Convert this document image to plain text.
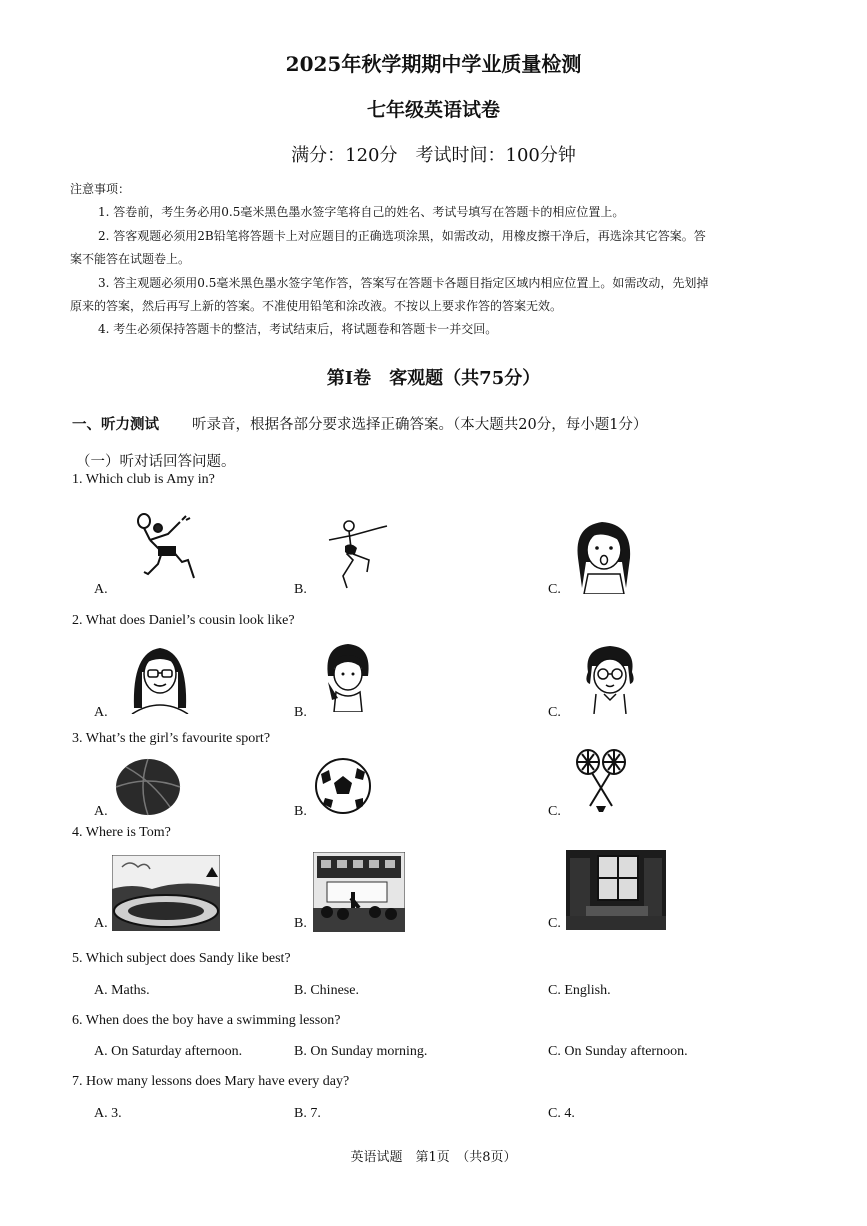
2025年秋学期期中学业质量检测
七年级英语试卷
满分：120分　考试时间：100分钟
注意事项：
1. 答卷前，考生务必用0.5毫米黑色墨水签字笔将自己的姓名、考试号填写在答题卡的相应位置上。
2. 答客观题必须用2B铅笔将答题卡上对应题目的正确选项涂黑，如需改动，用橡皮擦干净后，再选涂其它答案。答
案不能答在试题卷上。
3. 答主观题必须用0.5毫米黑色墨水签字笔作答，答案写在答题卡各题目指定区域内相应位置上。如需改动，先划掉
原来的答案，然后再写上新的答案。不准使用铅笔和涂改液。不按以上要求作答的答案无效。
4. 考生必须保持答题卡的整洁，考试结束后，将试题卷和答题卡一并交回。
第Ⅰ卷　客观题（共75分）
一、听力测试 听录音，根据各部分要求选择正确答案。（本大题共20分，每小题1分）
（一）听对话回答问题。
1. Which club is Amy in?
A.	B.	C.
2. What does Daniel’s cousin look like?
A.	B.	C.
3. What’s the girl’s favourite sport?
A.	B.	C.
4. Where is Tom?
A.	B.	C.
5. Which subject does Sandy like best?
A. Maths.	B. Chinese.	C. English.
6. When does the boy have a swimming lesson?
A. On Saturday afternoon.	B. On Sunday morning.	C. On Sunday afternoon.
7. How many lessons does Mary have every day?
A. 3.	B. 7.	C. 4.
英语试题　第1页　（共8页）
